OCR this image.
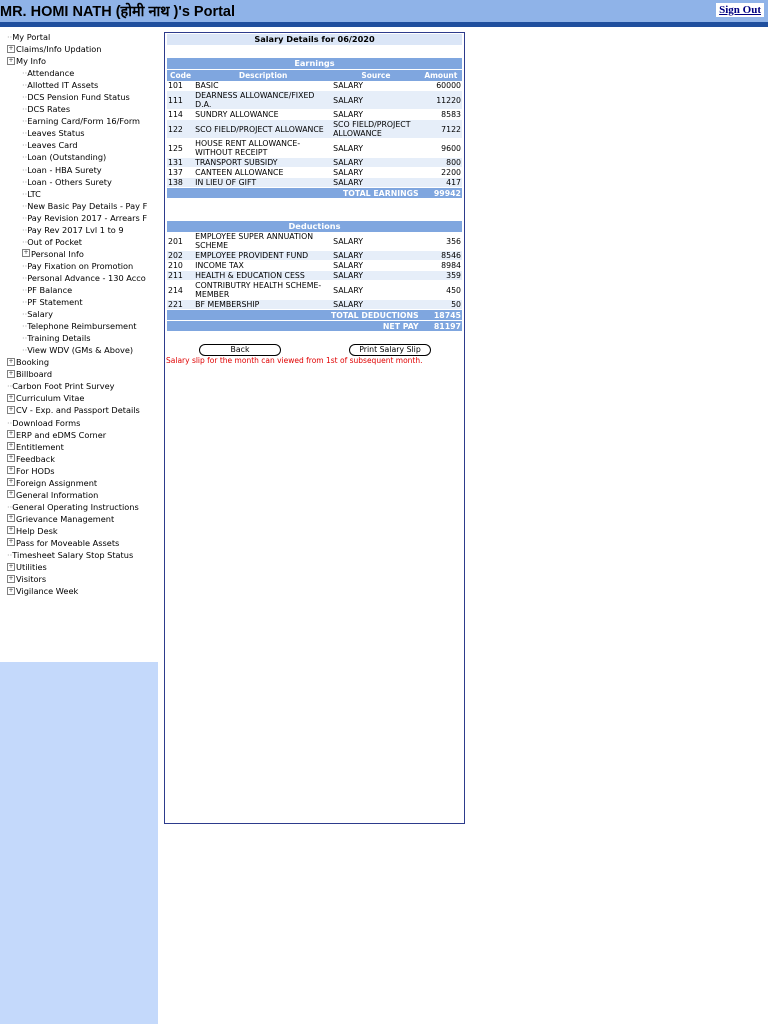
MR. HOMI NATH (होमी नाथ )'s Portal	Sign Out
··My Portal
+ Claims/Info Updation
+ My Info
··Attendance
··Allotted IT Assets
··DCS Pension Fund Status
··DCS Rates
··Earning Card/Form 16/Form
··Leaves Status
··Leaves Card
··Loan (Outstanding)
··Loan - HBA Surety
··Loan - Others Surety
··LTC
··New Basic Pay Details - Pay F
··Pay Revision 2017 - Arrears F
··Pay Rev 2017 Lvl 1 to 9
··Out of Pocket
+ Personal Info
··Pay Fixation on Promotion
··Personal Advance - 130 Acco
··PF Balance
··PF Statement
··Salary
··Telephone Reimbursement
··Training Details
··View WDV (GMs & Above)
+ Booking
+ Billboard
··Carbon Foot Print Survey
+ Curriculum Vitae
+ CV - Exp. and Passport Details
··Download Forms
+ ERP and eDMS Corner
+ Entitlement
+ Feedback
+ For HODs
+ Foreign Assignment
+ General Information
··General Operating Instructions
+ Grievance Management
+ Help Desk
+ Pass for Moveable Assets
··Timesheet Salary Stop Status
+ Utilities
+ Visitors
+ Vigilance Week
Salary Details for 06/2020
Earnings
Code	Description	Source	Amount
101	BASIC	SALARY	60000
111	DEARNESS ALLOWANCE/FIXED D.A.	SALARY	11220
114	SUNDRY ALLOWANCE	SALARY	8583
122	SCO FIELD/PROJECT ALLOWANCE	SCO FIELD/PROJECT ALLOWANCE	7122
125	HOUSE RENT ALLOWANCE-WITHOUT RECEIPT	SALARY	9600
131	TRANSPORT SUBSIDY	SALARY	800
137	CANTEEN ALLOWANCE	SALARY	2200
138	IN LIEU OF GIFT	SALARY	417
TOTAL EARNINGS			99942
Deductions
201	EMPLOYEE SUPER ANNUATION SCHEME	SALARY	356
202	EMPLOYEE PROVIDENT FUND	SALARY	8546
210	INCOME TAX	SALARY	8984
211	HEALTH & EDUCATION CESS	SALARY	359
214	CONTRIBUTRY HEALTH SCHEME-MEMBER	SALARY	450
221	BF MEMBERSHIP	SALARY	50
TOTAL DEDUCTIONS			18745
NET PAY			81197
Back	Print Salary Slip
Salary slip for the month can viewed from 1st of subsequent month.
